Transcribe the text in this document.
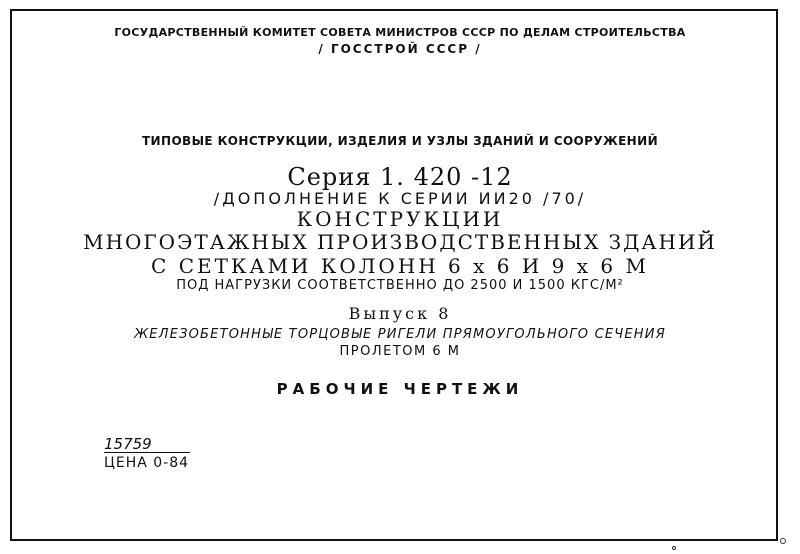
ГОСУДАРСТВЕННЫЙ КОМИТЕТ СОВЕТА МИНИСТРОВ СССР ПО ДЕЛАМ СТРОИТЕЛЬСТВА
/ ГОССТРОЙ СССР /
ТИПОВЫЕ КОНСТРУКЦИИ, ИЗДЕЛИЯ И УЗЛЫ ЗДАНИЙ И СООРУЖЕНИЙ
Серия 1. 420 -12
/ДОПОЛНЕНИЕ К СЕРИИ ИИ20 /70/
КОНСТРУКЦИИ
МНОГОЭТАЖНЫХ ПРОИЗВОДСТВЕННЫХ ЗДАНИЙ
С СЕТКАМИ КОЛОНН 6 х 6 И 9 х 6 М
ПОД НАГРУЗКИ СООТВЕТСТВЕННО ДО 2500 И 1500 КГС/М²
Выпуск 8
ЖЕЛЕЗОБЕТОННЫЕ ТОРЦОВЫЕ РИГЕЛИ ПРЯМОУГОЛЬНОГО СЕЧЕНИЯ
ПРОЛЕТОМ 6 М
РАБОЧИЕ ЧЕРТЕЖИ
15759
ЦЕНА 0-84
